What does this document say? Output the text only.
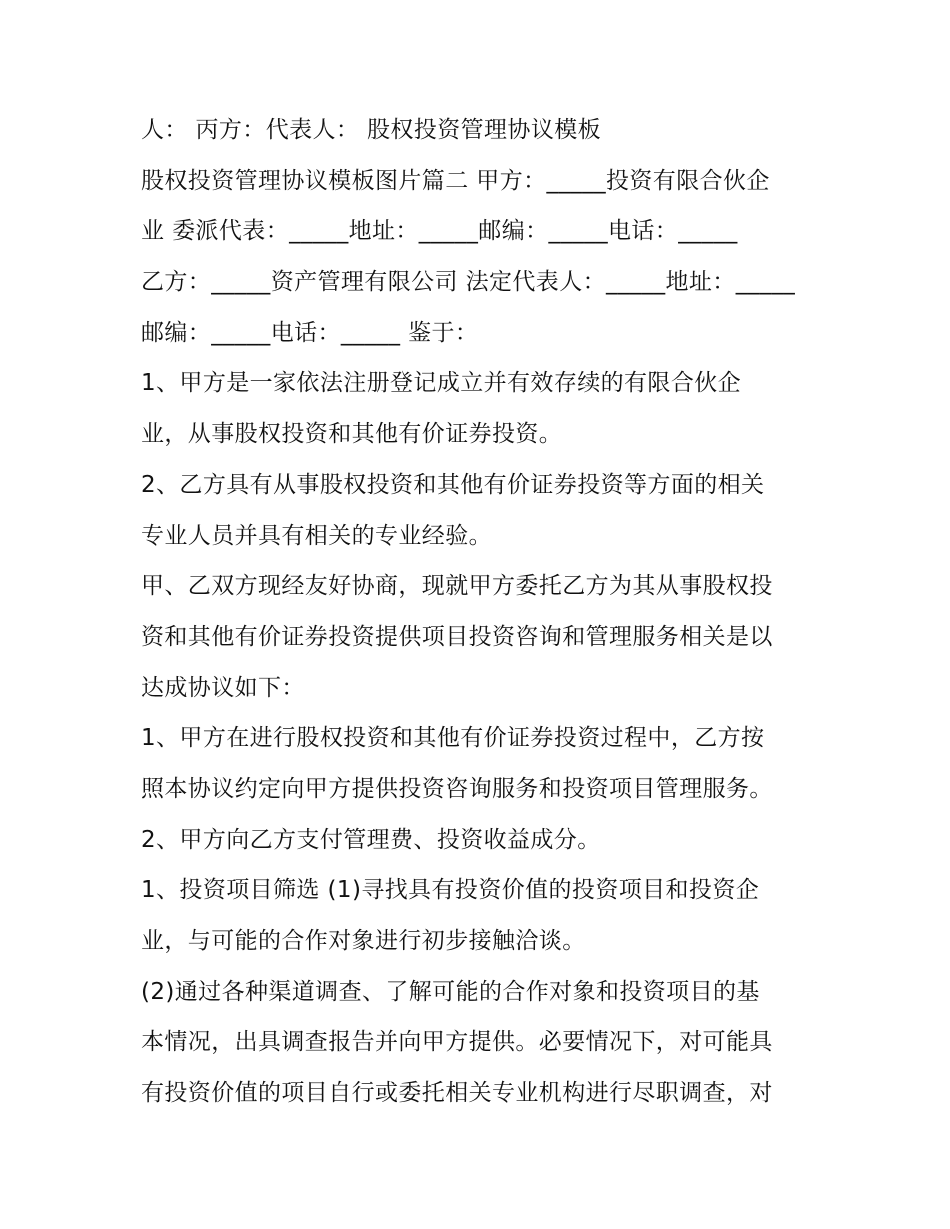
人： 丙方：代表人： 股权投资管理协议模板
股权投资管理协议模板图片篇二 甲方：_____投资有限合伙企
业 委派代表：_____地址：_____邮编：_____电话：_____
乙方：_____资产管理有限公司 法定代表人：_____地址：_____
邮编：_____电话：_____ 鉴于：
1、甲方是一家依法注册登记成立并有效存续的有限合伙企
业，从事股权投资和其他有价证券投资。
2、乙方具有从事股权投资和其他有价证券投资等方面的相关
专业人员并具有相关的专业经验。
甲、乙双方现经友好协商，现就甲方委托乙方为其从事股权投
资和其他有价证券投资提供项目投资咨询和管理服务相关是以
达成协议如下：
1、甲方在进行股权投资和其他有价证券投资过程中，乙方按
照本协议约定向甲方提供投资咨询服务和投资项目管理服务。
2、甲方向乙方支付管理费、投资收益成分。
1、投资项目筛选 (1)寻找具有投资价值的投资项目和投资企
业，与可能的合作对象进行初步接触洽谈。
(2)通过各种渠道调查、了解可能的合作对象和投资项目的基
本情况，出具调查报告并向甲方提供。必要情况下，对可能具
有投资价值的项目自行或委托相关专业机构进行尽职调查，对
